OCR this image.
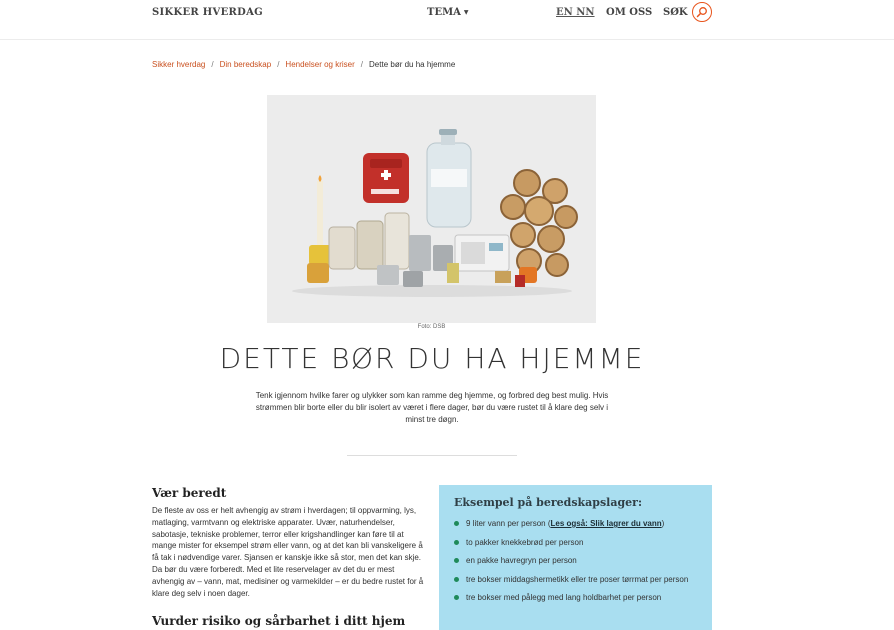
SIKKER HVERDAG	TEMA ▼	EN NN OM OSS SØK
Sikker hverdag / Din beredskap / Hendelser og kriser / Dette bør du ha hjemme
Foto: DSB
DETTE BØR DU HA HJEMME

Tenk igjennom hvilke farer og ulykker som kan ramme deg hjemme, og forbred deg best mulig. Hvis strømmen blir borte eller du blir isolert av været i flere dager, bør du være rustet til å klare deg selv i minst tre døgn.

Vær beredt

De fleste av oss er helt avhengig av strøm i hverdagen; til oppvarming, lys, matlaging, varmtvann og elektriske apparater. Uvær, naturhendelser, sabotasje, tekniske problemer, terror eller krigshandlinger kan føre til at mange mister for eksempel strøm eller vann, og at det kan bli vanskeligere å få tak i nødvendige varer. Sjansen er kanskje ikke så stor, men det kan skje. Da bør du være forberedt. Med et lite reservelager av det du er mest avhengig av – vann, mat, medisiner og varmekilder – er du bedre rustet for å klare deg selv i noen dager.

Vurder risiko og sårbarhet i ditt hjem
Eksempel på beredskapslager:
9 liter vann per person (Les også: Slik lagrer du vann)
to pakker knekkebrød per person
en pakke havregryn per person
tre bokser middagshermetikk eller tre poser tørrmat per person
tre bokser med pålegg med lang holdbarhet per person
